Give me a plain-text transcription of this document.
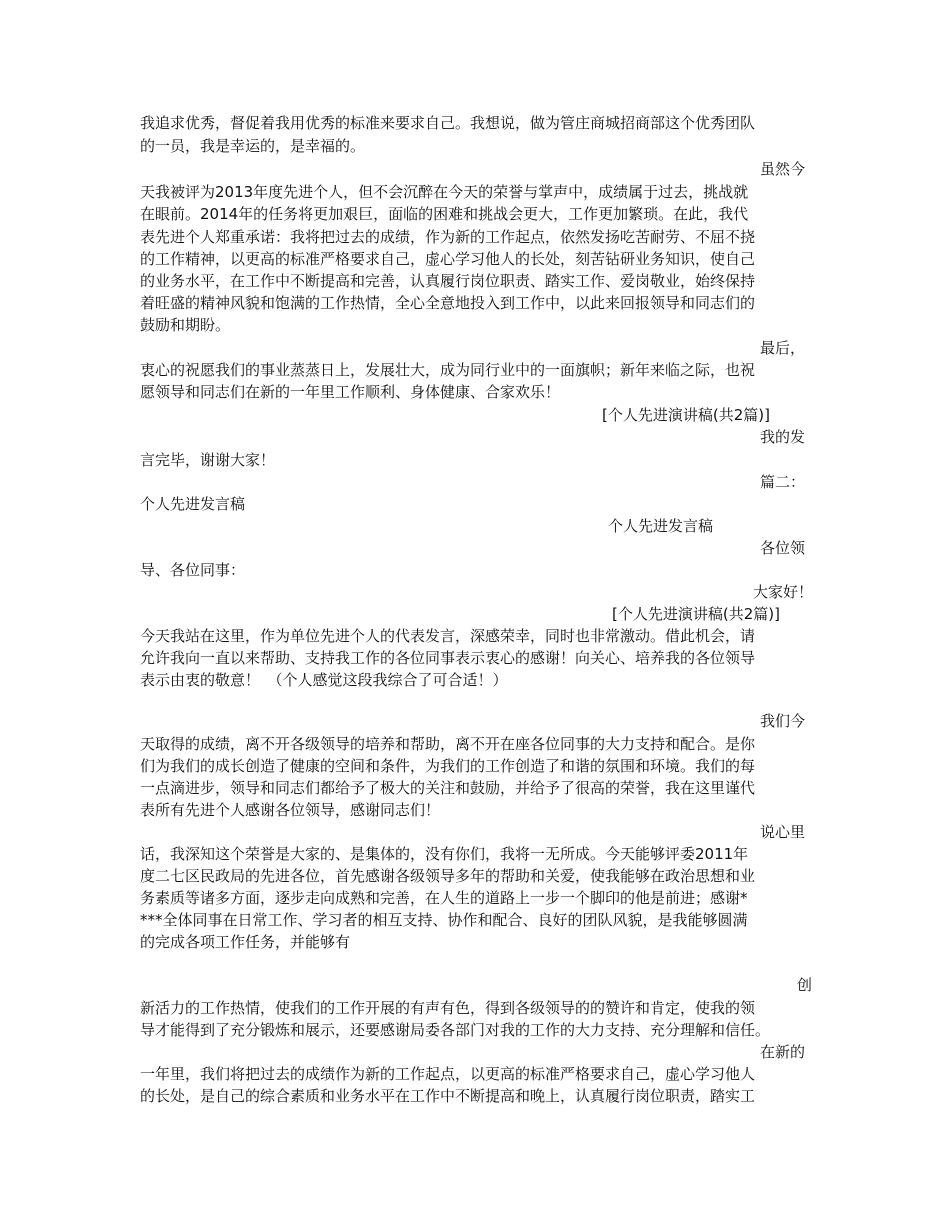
我追求优秀，督促着我用优秀的标准来要求自己。我想说，做为管庄商城招商部这个优秀团队
的一员，我是幸运的，是幸福的。
虽然今
天我被评为2013年度先进个人，但不会沉醉在今天的荣誉与掌声中，成绩属于过去，挑战就
在眼前。2014年的任务将更加艰巨，面临的困难和挑战会更大，工作更加繁琐。在此，我代
表先进个人郑重承诺：我将把过去的成绩，作为新的工作起点，依然发扬吃苦耐劳、不屈不挠
的工作精神，以更高的标准严格要求自己，虚心学习他人的长处，刻苦钻研业务知识，使自己
的业务水平，在工作中不断提高和完善，认真履行岗位职责、踏实工作、爱岗敬业，始终保持
着旺盛的精神风貌和饱满的工作热情，全心全意地投入到工作中，以此来回报领导和同志们的
鼓励和期盼。
最后，
衷心的祝愿我们的事业蒸蒸日上，发展壮大，成为同行业中的一面旗帜；新年来临之际，也祝
愿领导和同志们在新的一年里工作顺利、身体健康、合家欢乐！
[个人先进演讲稿(共2篇)]
我的发
言完毕，谢谢大家！
篇二：
个人先进发言稿
个人先进发言稿
各位领
导、各位同事：
大家好！
[个人先进演讲稿(共2篇)]
今天我站在这里，作为单位先进个人的代表发言，深感荣幸，同时也非常激动。借此机会，请
允许我向一直以来帮助、支持我工作的各位同事表示衷心的感谢！向关心、培养我的各位领导
表示由衷的敬意！　（个人感觉这段我综合了可合适！）
我们今
天取得的成绩，离不开各级领导的培养和帮助，离不开在座各位同事的大力支持和配合。是你
们为我们的成长创造了健康的空间和条件，为我们的工作创造了和谐的氛围和环境。我们的每
一点滴进步，领导和同志们都给予了极大的关注和鼓励，并给予了很高的荣誉，我在这里谨代
表所有先进个人感谢各位领导，感谢同志们！
说心里
话，我深知这个荣誉是大家的、是集体的，没有你们，我将一无所成。今天能够评委2011年
度二七区民政局的先进各位，首先感谢各级领导多年的帮助和关爱，使我能够在政治思想和业
务素质等诸多方面，逐步走向成熟和完善，在人生的道路上一步一个脚印的他是前进；感谢*
***全体同事在日常工作、学习者的相互支持、协作和配合、良好的团队风貌，是我能够圆满
的完成各项工作任务，并能够有
创
新活力的工作热情，使我们的工作开展的有声有色，得到各级领导的的赞许和肯定，使我的领
导才能得到了充分锻炼和展示，还要感谢局委各部门对我的工作的大力支持、充分理解和信任。
在新的
一年里，我们将把过去的成绩作为新的工作起点，以更高的标准严格要求自己，虚心学习他人
的长处，是自己的综合素质和业务水平在工作中不断提高和晚上，认真履行岗位职责，踏实工
